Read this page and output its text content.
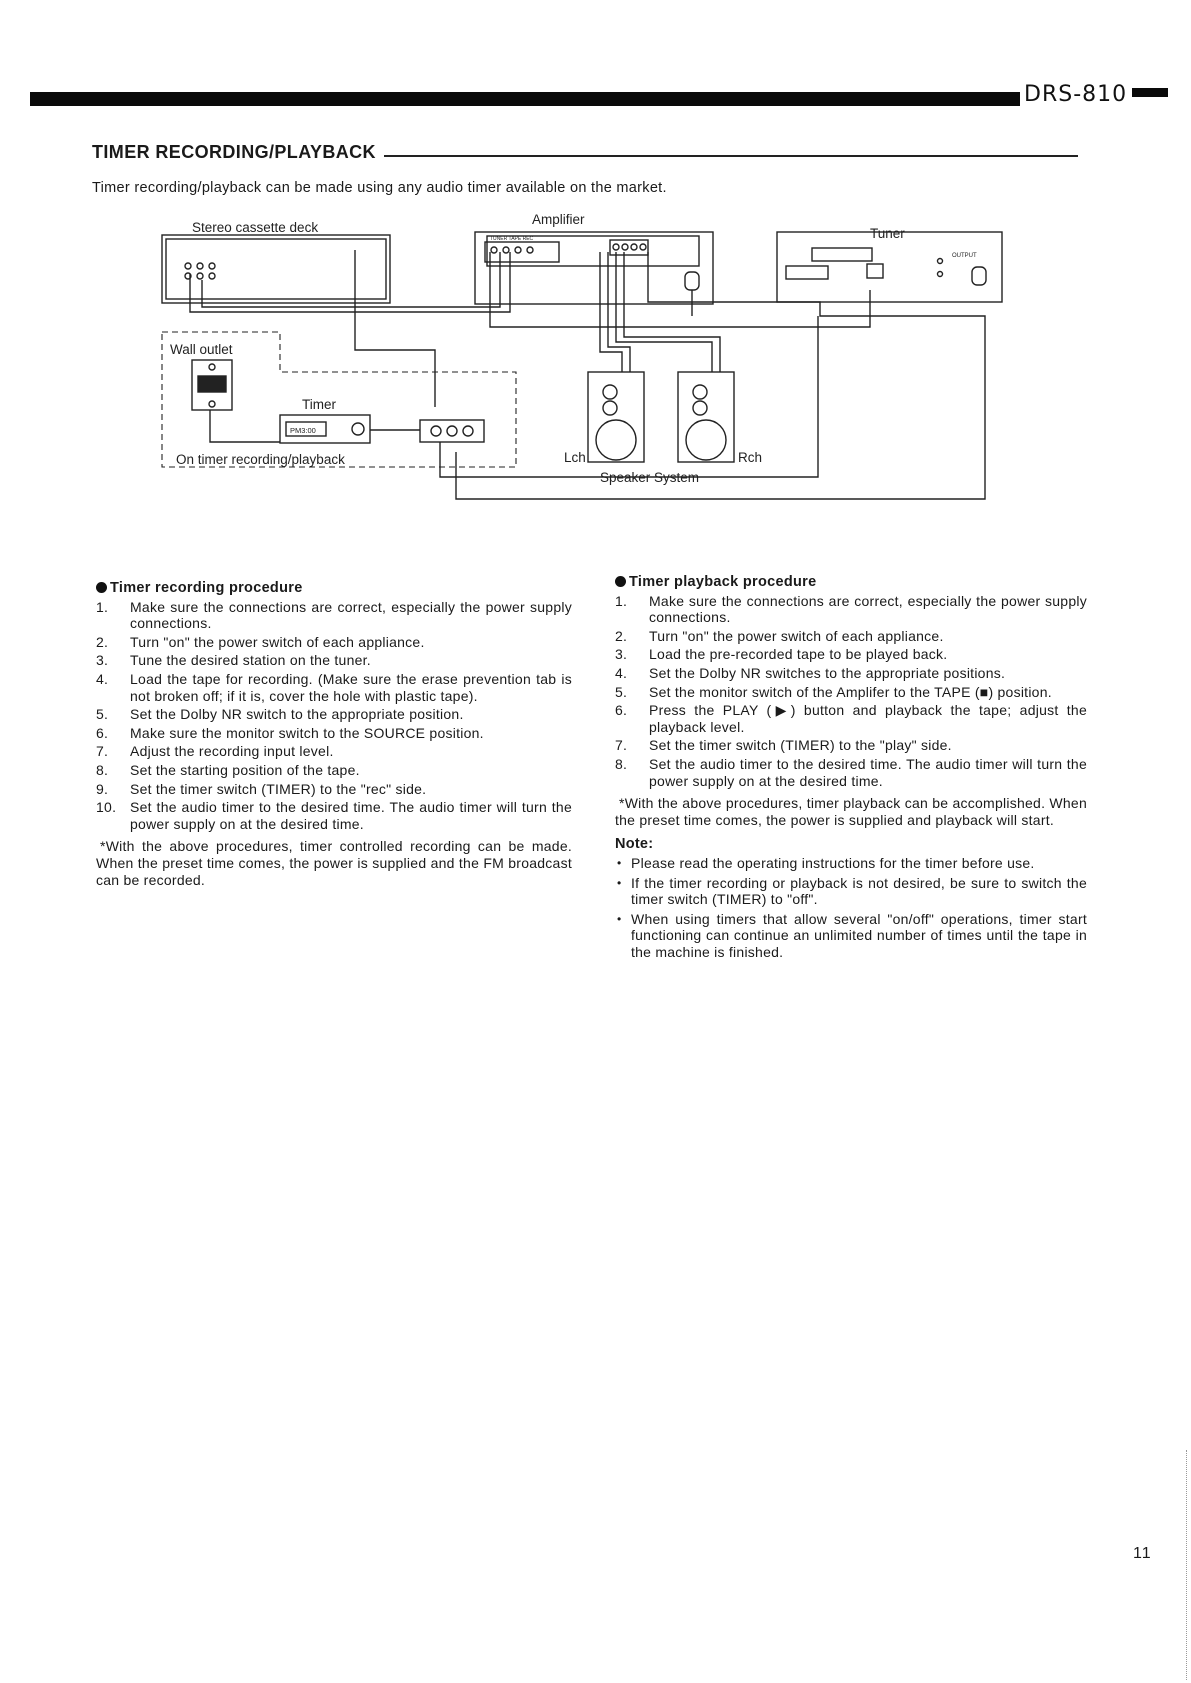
DRS-810
TIMER RECORDING/PLAYBACK
Timer recording/playback can be made using any audio timer available on the market.
Amplifier
Tuner
Stereo cassette deck
Wall outlet
Timer
PM3:00
On timer recording/playback	Lch	Rch
Speaker System
OUTPUT
TUNER TAPE REC
Timer recording procedure
1. Make sure the connections are correct, especially the power supply connections.
2. Turn "on" the power switch of each appliance.
3. Tune the desired station on the tuner.
4. Load the tape for recording. (Make sure the erase prevention tab is not broken off; if it is, cover the hole with plastic tape).
5. Set the Dolby NR switch to the appropriate position.
6. Make sure the monitor switch to the SOURCE position.
7. Adjust the recording input level.
8. Set the starting position of the tape.
9. Set the timer switch (TIMER) to the "rec" side.
10. Set the audio timer to the desired time. The audio timer will turn the power supply on at the desired time.

*With the above procedures, timer controlled recording can be made. When the preset time comes, the power is supplied and the FM broadcast can be recorded.

Timer playback procedure
1. Make sure the connections are correct, especially the power supply connections.
2. Turn "on" the power switch of each appliance.
3. Load the pre-recorded tape to be played back.
4. Set the Dolby NR switches to the appropriate positions.
5. Set the monitor switch of the Amplifer to the TAPE (■) position.
6. Press the PLAY (▶) button and playback the tape; adjust the playback level.
7. Set the timer switch (TIMER) to the "play" side.
8. Set the audio timer to the desired time. The audio timer will turn the power supply on at the desired time.

*With the above procedures, timer playback can be accomplished. When the preset time comes, the power is supplied and playback will start.

Note:
• Please read the operating instructions for the timer before use.
• If the timer recording or playback is not desired, be sure to switch the timer switch (TIMER) to "off".
• When using timers that allow several "on/off" operations, timer start functioning can continue an unlimited number of times until the tape in the machine is finished.
11
